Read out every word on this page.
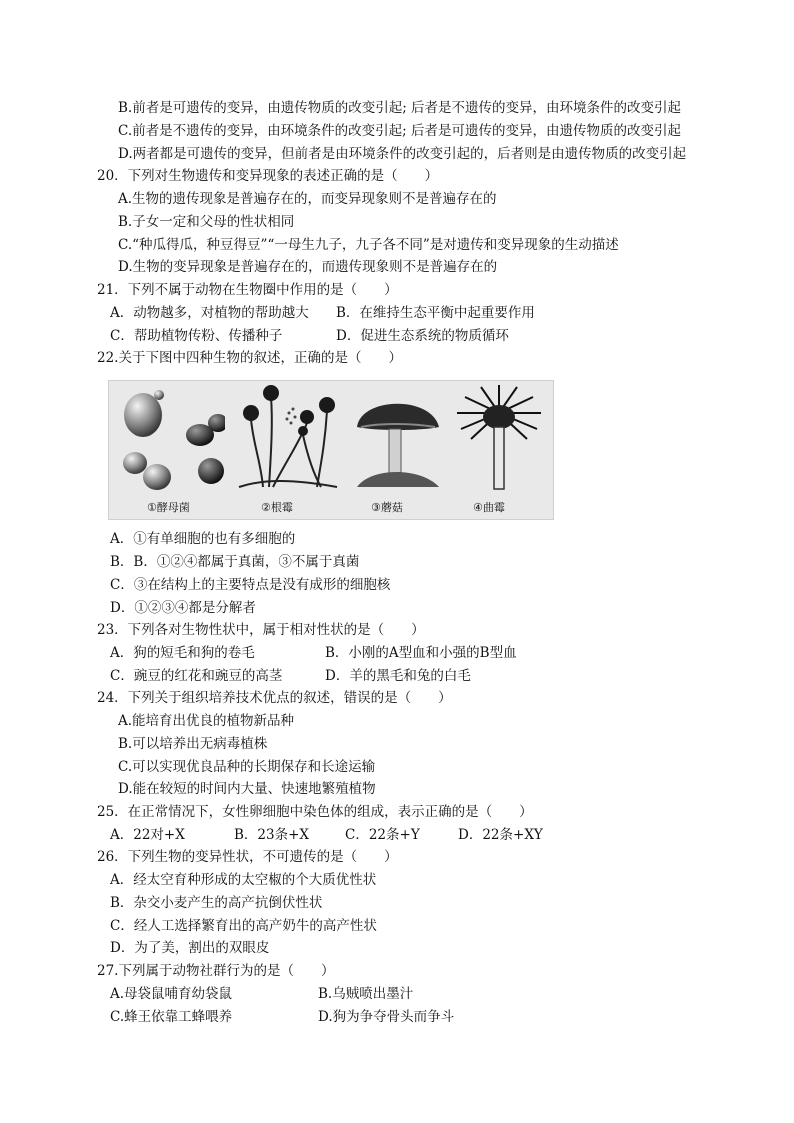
B.前者是可遗传的变异，由遗传物质的改变引起; 后者是不遗传的变异，由环境条件的改变引起
C.前者是不遗传的变异，由环境条件的改变引起; 后者是可遗传的变异，由遗传物质的改变引起
D.两者都是可遗传的变异，但前者是由环境条件的改变引起的，后者则是由遗传物质的改变引起
20．下列对生物遗传和变异现象的表述正确的是（　　）
A.生物的遗传现象是普遍存在的，而变异现象则不是普遍存在的
B.子女一定和父母的性状相同
C.“种瓜得瓜，种豆得豆”“一母生九子，九子各不同”是对遗传和变异现象的生动描述
D.生物的变异现象是普遍存在的，而遗传现象则不是普遍存在的
21．下列不属于动物在生物圈中作用的是（　　）
A．动物越多，对植物的帮助越大 B．在维持生态平衡中起重要作用
C．帮助植物传粉、传播种子	D．促进生态系统的物质循环
22.关于下图中四种生物的叙述，正确的是（　　）
①酵母菌	②根霉	③蘑菇	④曲霉
A．①有单细胞的也有多细胞的
B．B．①②④都属于真菌，③不属于真菌
C．③在结构上的主要特点是没有成形的细胞核
D．①②③④都是分解者
23．下列各对生物性状中，属于相对性状的是（　　）
A．狗的短毛和狗的卷毛	B．小刚的A型血和小强的B型血
C．豌豆的红花和豌豆的高茎	D．羊的黑毛和兔的白毛
24．下列关于组织培养技术优点的叙述，错误的是（　　）
A.能培育出优良的植物新品种
B.可以培养出无病毒植株
C.可以实现优良品种的长期保存和长途运输
D.能在较短的时间内大量、快速地繁殖植物
25．在正常情况下，女性卵细胞中染色体的组成，表示正确的是（　　）
A．22对+X	B．23条+X	C．22条+Y	D．22条+XY
26．下列生物的变异性状，不可遗传的是（　　）
A．经太空育种形成的太空椒的个大质优性状
B．杂交小麦产生的高产抗倒伏性状
C．经人工选择繁育出的高产奶牛的高产性状
D．为了美，割出的双眼皮
27.下列属于动物社群行为的是（　　）
A.母袋鼠哺育幼袋鼠	B.乌贼喷出墨汁
C.蜂王依靠工蜂喂养	D.狗为争夺骨头而争斗
